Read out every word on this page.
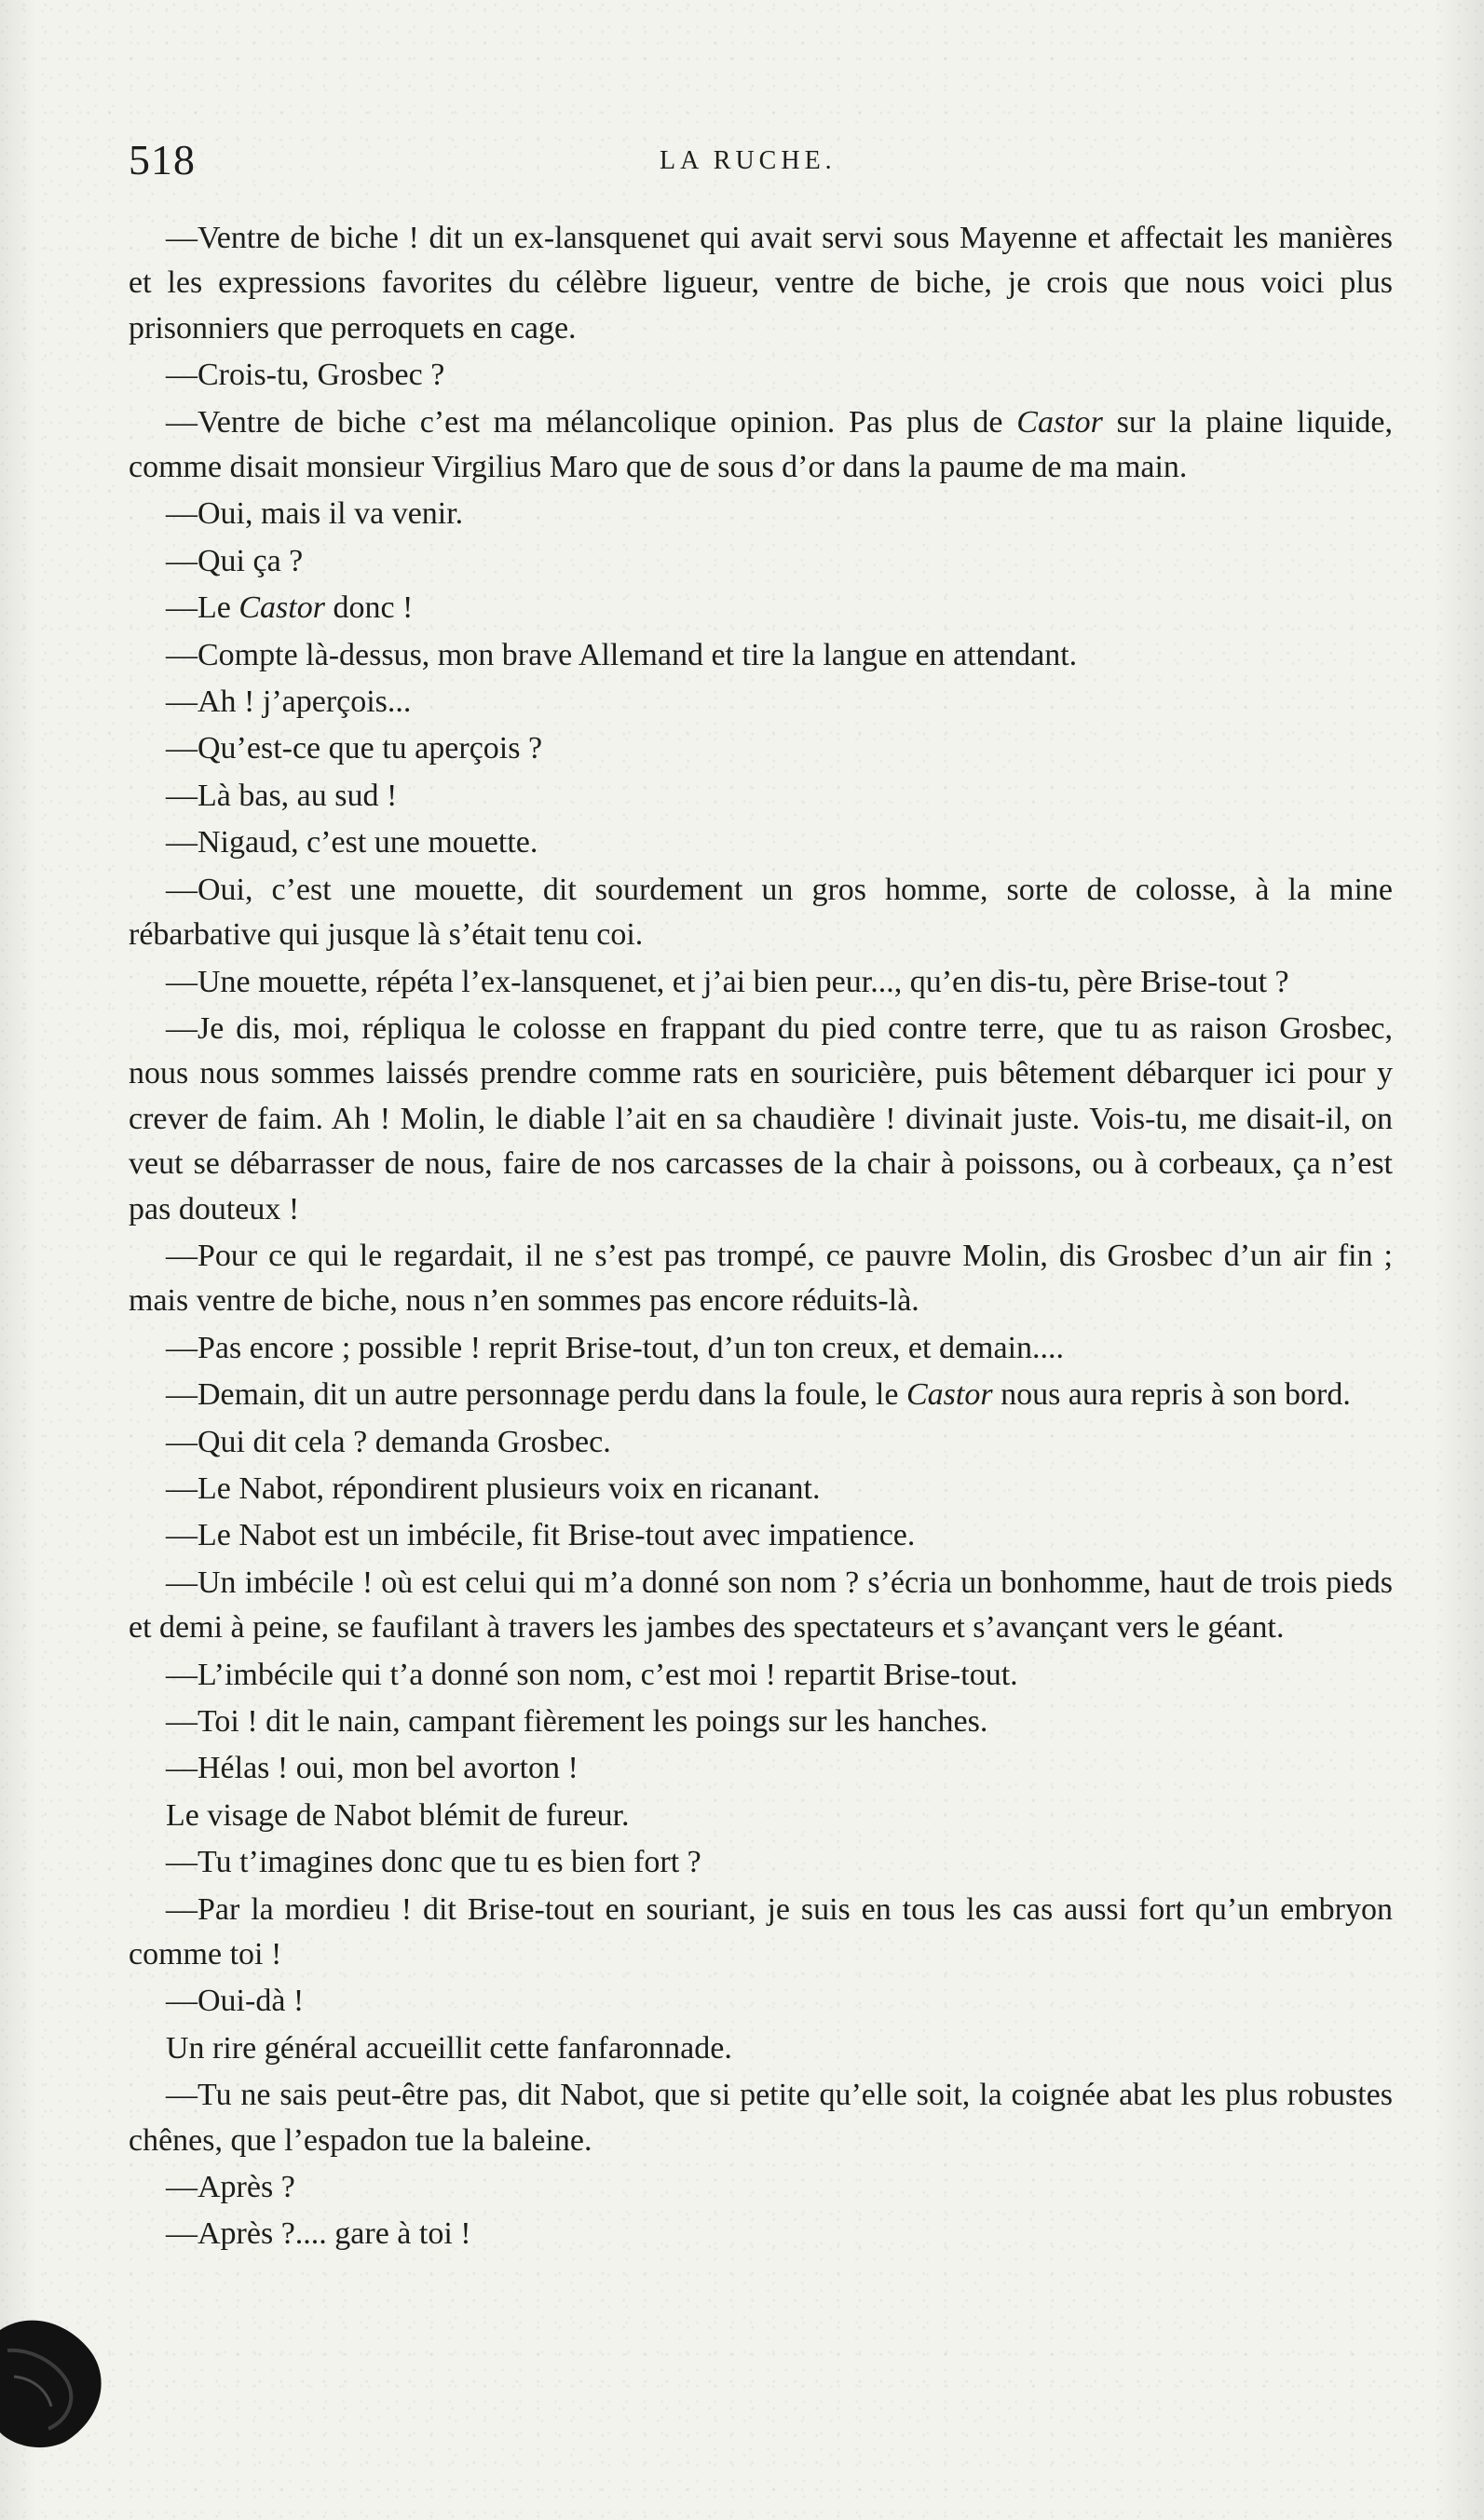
518	LA RUCHE.

—Ventre de biche ! dit un ex-lansquenet qui avait servi sous Mayenne et affectait les manières et les expressions favorites du célèbre ligueur, ventre de biche, je crois que nous voici plus prisonniers que perroquets en cage.

—Crois-tu, Grosbec ?

—Ventre de biche c’est ma mélancolique opinion. Pas plus de Castor sur la plaine liquide, comme disait monsieur Virgilius Maro que de sous d’or dans la paume de ma main.

—Oui, mais il va venir.

—Qui ça ?

—Le Castor donc !

—Compte là-dessus, mon brave Allemand et tire la langue en attendant.

—Ah ! j’aperçois...

—Qu’est-ce que tu aperçois ?

—Là bas, au sud !

—Nigaud, c’est une mouette.

—Oui, c’est une mouette, dit sourdement un gros homme, sorte de colosse, à la mine rébarbative qui jusque là s’était tenu coi.

—Une mouette, répéta l’ex-lansquenet, et j’ai bien peur..., qu’en dis-tu, père Brise-tout ?

—Je dis, moi, répliqua le colosse en frappant du pied contre terre, que tu as raison Grosbec, nous nous sommes laissés prendre comme rats en souricière, puis bêtement débarquer ici pour y crever de faim. Ah ! Molin, le diable l’ait en sa chaudière ! divinait juste. Vois-tu, me disait-il, on veut se débarrasser de nous, faire de nos carcasses de la chair à poissons, ou à corbeaux, ça n’est pas douteux !

—Pour ce qui le regardait, il ne s’est pas trompé, ce pauvre Molin, dis Grosbec d’un air fin ; mais ventre de biche, nous n’en sommes pas encore réduits-là.

—Pas encore ; possible ! reprit Brise-tout, d’un ton creux, et demain....

—Demain, dit un autre personnage perdu dans la foule, le Castor nous aura repris à son bord.

—Qui dit cela ? demanda Grosbec.

—Le Nabot, répondirent plusieurs voix en ricanant.

—Le Nabot est un imbécile, fit Brise-tout avec impatience.

—Un imbécile ! où est celui qui m’a donné son nom ? s’écria un bonhomme, haut de trois pieds et demi à peine, se faufilant à travers les jambes des spectateurs et s’avançant vers le géant.

—L’imbécile qui t’a donné son nom, c’est moi ! repartit Brise-tout.

—Toi ! dit le nain, campant fièrement les poings sur les hanches.

—Hélas ! oui, mon bel avorton !

Le visage de Nabot blémit de fureur.

—Tu t’imagines donc que tu es bien fort ?

—Par la mordieu ! dit Brise-tout en souriant, je suis en tous les cas aussi fort qu’un embryon comme toi !

—Oui-dà !

Un rire général accueillit cette fanfaronnade.

—Tu ne sais peut-être pas, dit Nabot, que si petite qu’elle soit, la coignée abat les plus robustes chênes, que l’espadon tue la baleine.

—Après ?

—Après ?.... gare à toi !
